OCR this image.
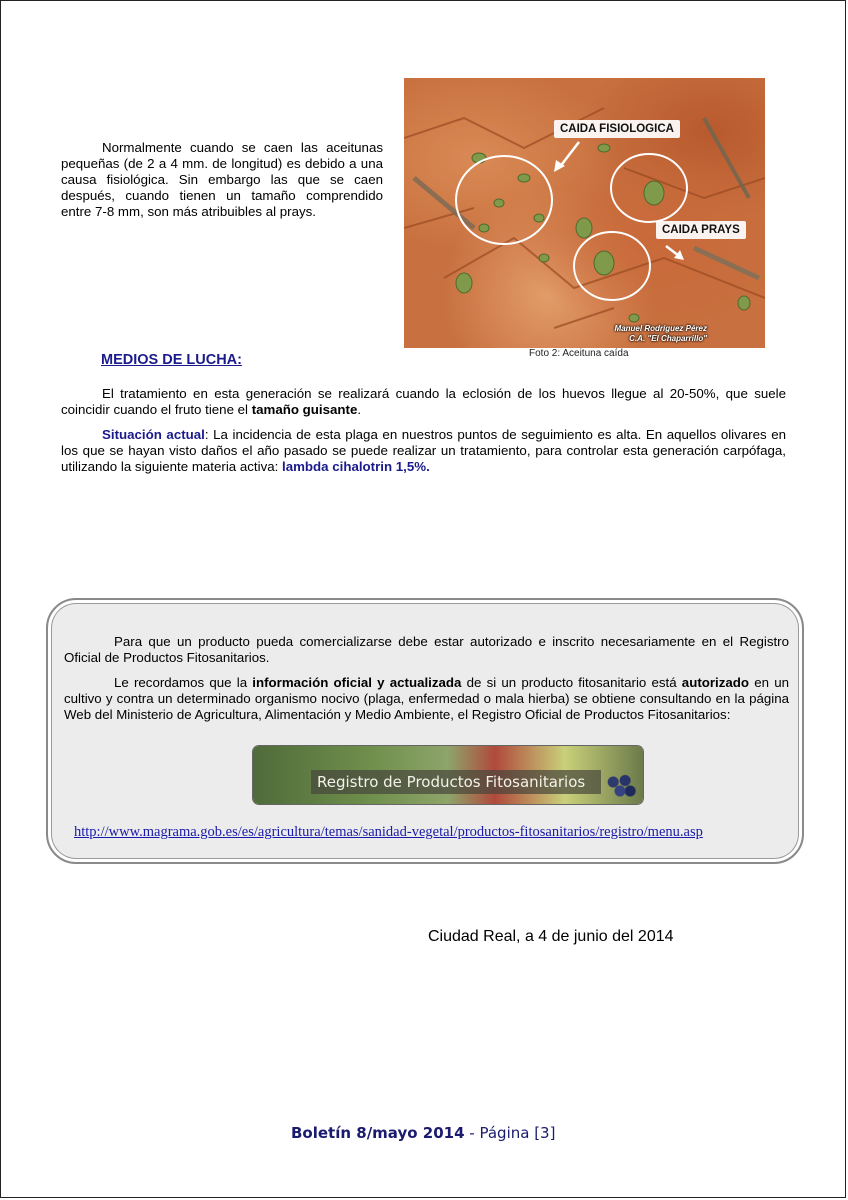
Normalmente cuando se caen las aceitunas pequeñas (de 2 a 4 mm. de longitud) es debido a una causa fisiológica. Sin embargo las que se caen después, cuando tienen un tamaño comprendido entre 7-8 mm, son más atribuibles al prays.

CAIDA FISIOLOGICA
CAIDA PRAYS
Manuel Rodríguez Pérez
C.A. "El Chaparrillo"
Foto 2: Aceituna caída
MEDIOS DE LUCHA:

El tratamiento en esta generación se realizará cuando la eclosión de los huevos llegue al 20-50%, que suele coincidir cuando el fruto tiene el tamaño guisante.

Situación actual: La incidencia de esta plaga en nuestros puntos de seguimiento es alta. En aquellos olivares en los que se hayan visto daños el año pasado se puede realizar un tratamiento, para controlar esta generación carpófaga, utilizando la siguiente materia activa: lambda cihalotrin 1,5%.

Para que un producto pueda comercializarse debe estar autorizado e inscrito necesariamente en el Registro Oficial de Productos Fitosanitarios.

Le recordamos que la información oficial y actualizada de si un producto fitosanitario está autorizado en un cultivo y contra un determinado organismo nocivo (plaga, enfermedad o mala hierba) se obtiene consultando en la página Web del Ministerio de Agricultura, Alimentación y Medio Ambiente, el Registro Oficial de Productos Fitosanitarios:

Registro de Productos Fitosanitarios
http://www.magrama.gob.es/es/agricultura/temas/sanidad-vegetal/productos-fitosanitarios/registro/menu.asp

Ciudad Real, a 4 de junio del 2014

Boletín 8/mayo 2014 - Página [3]
